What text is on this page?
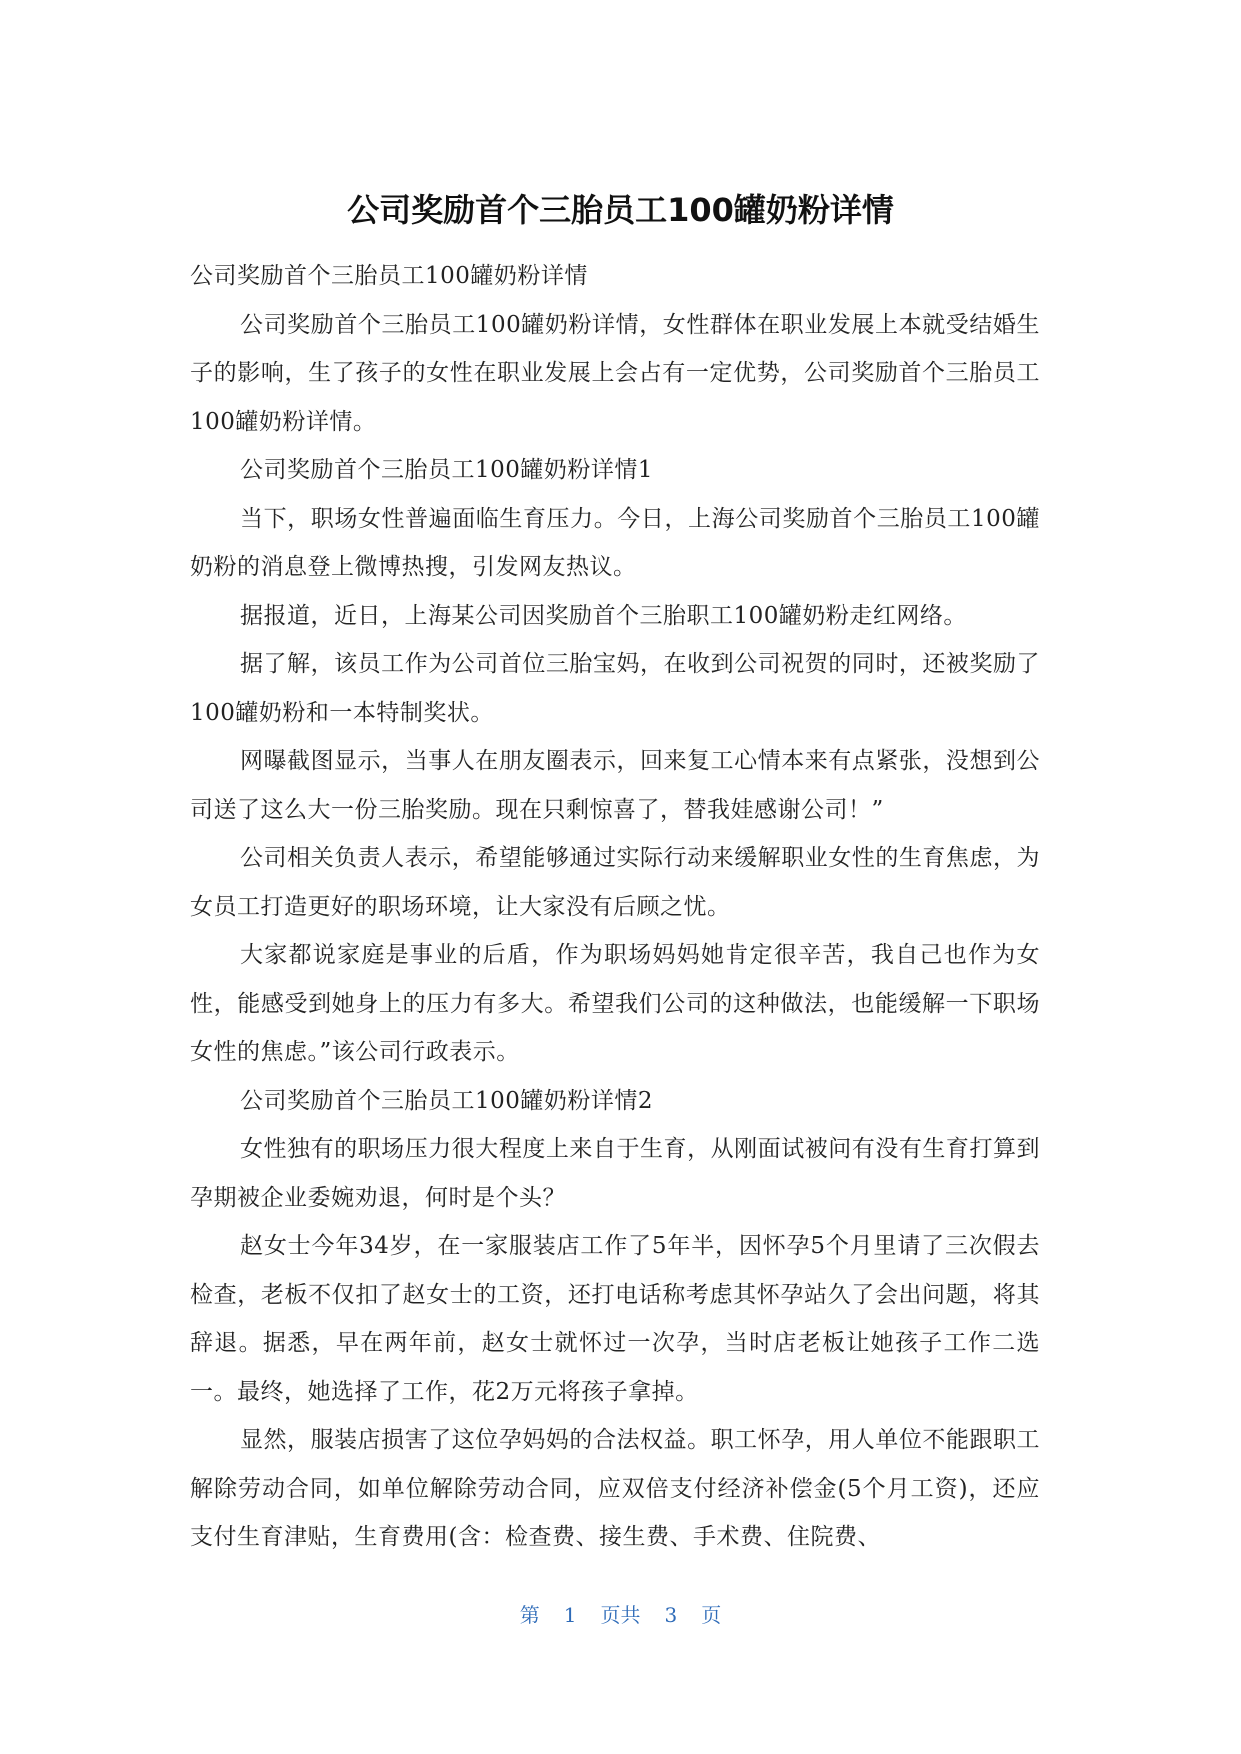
公司奖励首个三胎员工100罐奶粉详情

公司奖励首个三胎员工100罐奶粉详情

公司奖励首个三胎员工100罐奶粉详情，女性群体在职业发展上本就受结婚生子的影响，生了孩子的女性在职业发展上会占有一定优势，公司奖励首个三胎员工100罐奶粉详情。

公司奖励首个三胎员工100罐奶粉详情1

当下，职场女性普遍面临生育压力。今日，上海公司奖励首个三胎员工100罐奶粉的消息登上微博热搜，引发网友热议。

据报道，近日，上海某公司因奖励首个三胎职工100罐奶粉走红网络。

据了解，该员工作为公司首位三胎宝妈，在收到公司祝贺的同时，还被奖励了100罐奶粉和一本特制奖状。

网曝截图显示，当事人在朋友圈表示，回来复工心情本来有点紧张，没想到公司送了这么大一份三胎奖励。现在只剩惊喜了，替我娃感谢公司！”

公司相关负责人表示，希望能够通过实际行动来缓解职业女性的生育焦虑，为女员工打造更好的职场环境，让大家没有后顾之忧。

大家都说家庭是事业的后盾，作为职场妈妈她肯定很辛苦，我自己也作为女性，能感受到她身上的压力有多大。希望我们公司的这种做法，也能缓解一下职场女性的焦虑。”该公司行政表示。

公司奖励首个三胎员工100罐奶粉详情2

女性独有的职场压力很大程度上来自于生育，从刚面试被问有没有生育打算到孕期被企业委婉劝退，何时是个头？

赵女士今年34岁，在一家服装店工作了5年半，因怀孕5个月里请了三次假去检查，老板不仅扣了赵女士的工资，还打电话称考虑其怀孕站久了会出问题，将其辞退。据悉，早在两年前，赵女士就怀过一次孕，当时店老板让她孩子工作二选一。最终，她选择了工作，花2万元将孩子拿掉。

显然，服装店损害了这位孕妈妈的合法权益。职工怀孕，用人单位不能跟职工解除劳动合同，如单位解除劳动合同，应双倍支付经济补偿金(5个月工资)，还应支付生育津贴，生育费用(含：检查费、接生费、手术费、住院费、

第 1 页共 3 页
